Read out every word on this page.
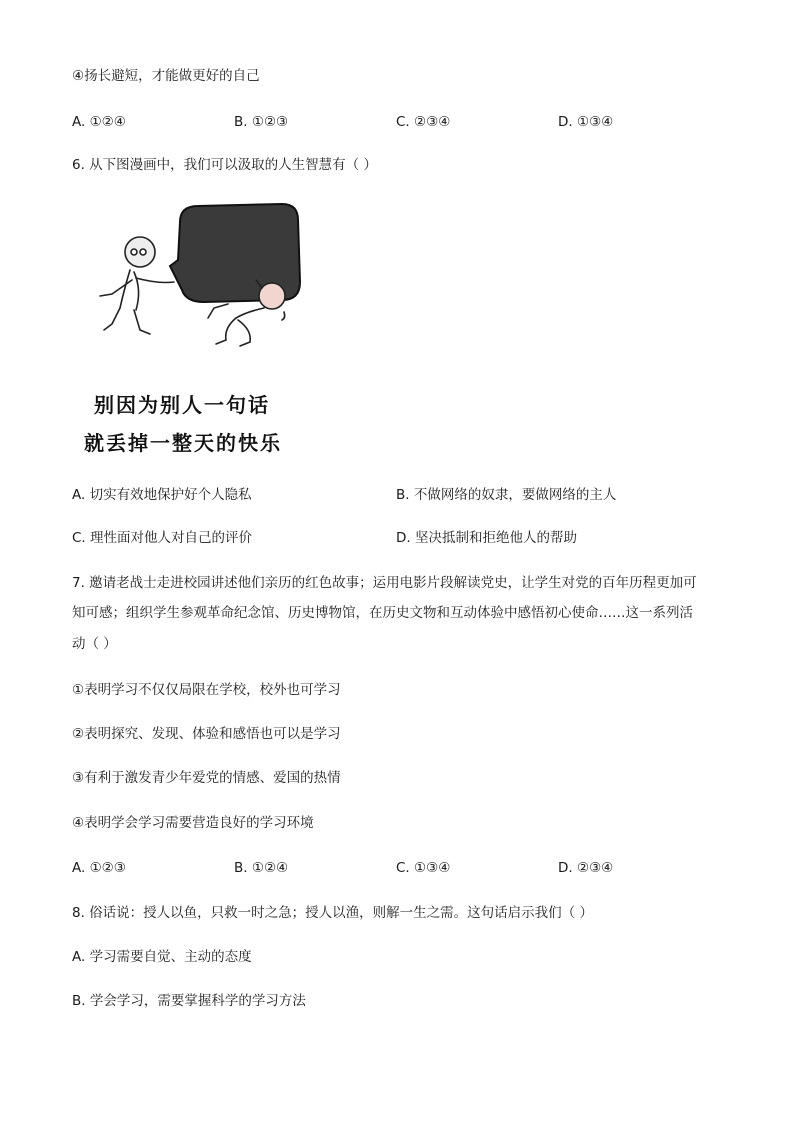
④扬长避短，才能做更好的自己
A. ①②④	B. ①②③	C. ②③④	D. ①③④
6. 从下图漫画中，我们可以汲取的人生智慧有（ ）
别因为别人一句话
就丢掉一整天的快乐
A. 切实有效地保护好个人隐私	B. 不做网络的奴隶，要做网络的主人
C. 理性面对他人对自己的评价	D. 坚决抵制和拒绝他人的帮助
7. 邀请老战士走进校园讲述他们亲历的红色故事；运用电影片段解读党史，让学生对党的百年历程更加可
知可感；组织学生参观革命纪念馆、历史博物馆，在历史文物和互动体验中感悟初心使命……这一系列活
动（ ）
①表明学习不仅仅局限在学校，校外也可学习
②表明探究、发现、体验和感悟也可以是学习
③有利于激发青少年爱党的情感、爱国的热情
④表明学会学习需要营造良好的学习环境
A. ①②③	B. ①②④	C. ①③④	D. ②③④
8. 俗话说：授人以鱼，只救一时之急；授人以渔，则解一生之需。这句话启示我们（ ）
A. 学习需要自觉、主动的态度
B. 学会学习，需要掌握科学的学习方法
